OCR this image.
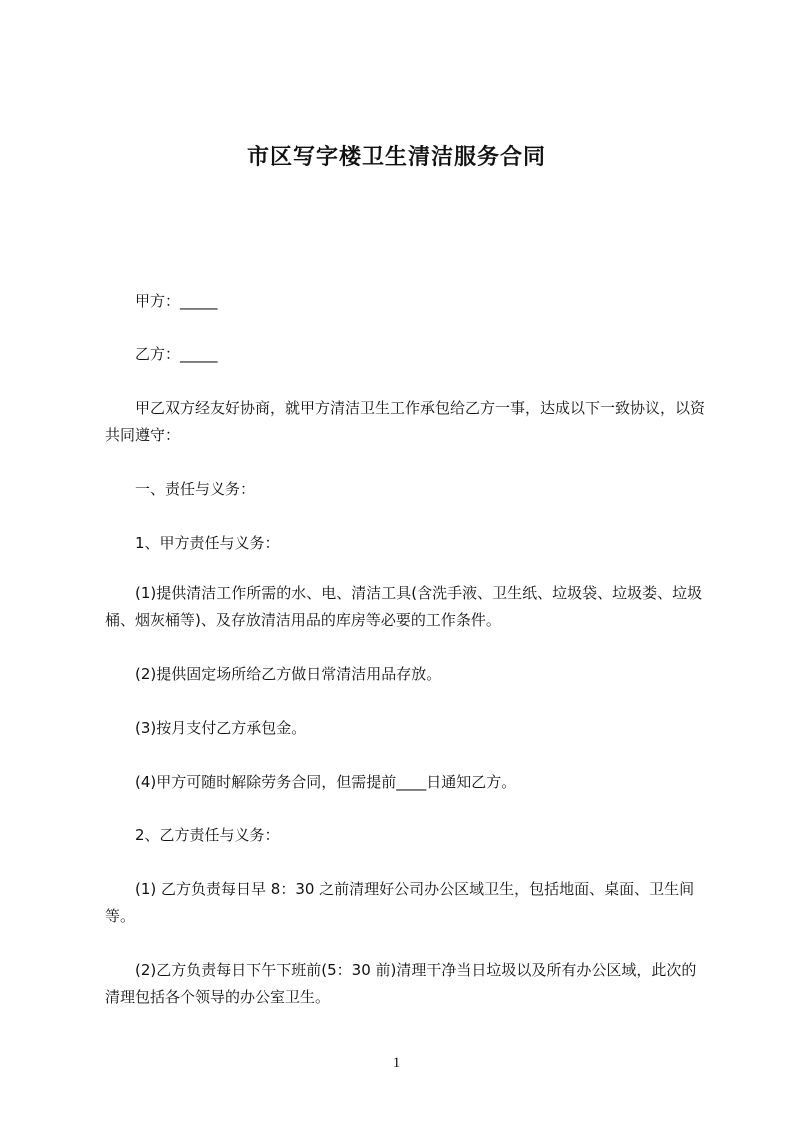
市区写字楼卫生清洁服务合同
甲方：_____
乙方：_____
甲乙双方经友好协商，就甲方清洁卫生工作承包给乙方一事，达成以下一致协议，以资共同遵守：
一、责任与义务：
1、甲方责任与义务：
(1)提供清洁工作所需的水、电、清洁工具(含洗手液、卫生纸、垃圾袋、垃圾娄、垃圾桶、烟灰桶等)、及存放清洁用品的库房等必要的工作条件。
(2)提供固定场所给乙方做日常清洁用品存放。
(3)按月支付乙方承包金。
(4)甲方可随时解除劳务合同，但需提前____日通知乙方。
2、乙方责任与义务：
(1) 乙方负责每日早 8：30 之前清理好公司办公区域卫生，包括地面、桌面、卫生间等。
(2)乙方负责每日下午下班前(5：30 前)清理干净当日垃圾以及所有办公区域，此次的清理包括各个领导的办公室卫生。
1
